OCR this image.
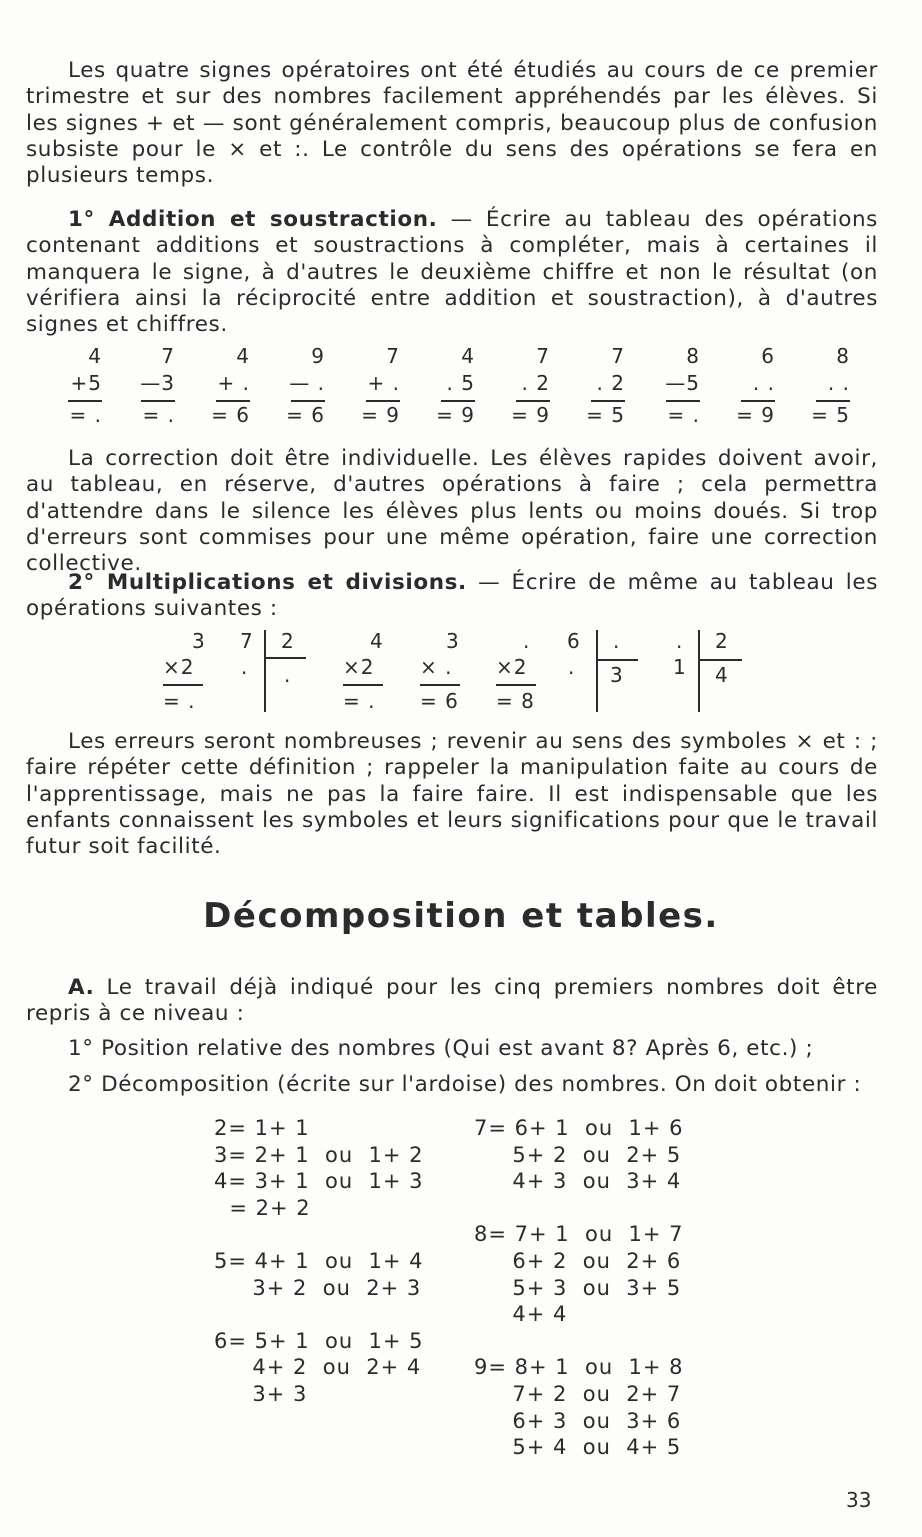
Les quatre signes opératoires ont été étudiés au cours de ce premier trimestre et sur des nombres facilement appréhendés par les élèves. Si les signes + et — sont généralement compris, beaucoup plus de confusion subsiste pour le × et :. Le contrôle du sens des opérations se fera en plusieurs temps.

1° Addition et soustraction. — Écrire au tableau des opérations contenant additions et soustractions à compléter, mais à certaines il manquera le signe, à d'autres le deuxième chiffre et non le résultat (on vérifiera ainsi la réciprocité entre addition et soustraction), à d'autres signes et chiffres.

4
+5
= .
7
—3
= .
4
+ .
= 6
9
— .
= 6
7
+ .
= 9
4
. 5
= 9
7
. 2
= 9
7
. 2
= 5
8
—5
= .
6
. .
= 9
8
. .
= 5

La correction doit être individuelle. Les élèves rapides doivent avoir, au tableau, en réserve, d'autres opérations à faire ; cela permettra d'attendre dans le silence les élèves plus lents ou moins doués. Si trop d'erreurs sont commises pour une même opération, faire une correction collective.

2° Multiplications et divisions. — Écrire de même au tableau les opérations suivantes :

3
×2
= .
7
.
2
.
4
×2
= .
3
× .
= 6
.
×2
= 8
6
.
.
3
.
1
2
4

Les erreurs seront nombreuses ; revenir au sens des symboles × et : ; faire répéter cette définition ; rappeler la manipulation faite au cours de l'apprentissage, mais ne pas la faire faire. Il est indispensable que les enfants connaissent les symboles et leurs significations pour que le travail futur soit facilité.

Décomposition et tables.

A. Le travail déjà indiqué pour les cinq premiers nombres doit être repris à ce niveau :

1° Position relative des nombres (Qui est avant 8? Après 6, etc.) ;

2° Décomposition (écrite sur l'ardoise) des nombres. On doit obtenir :

2= 1+ 1
3= 2+ 1  ou  1+ 2
4= 3+ 1  ou  1+ 3
= 2+ 2
5= 4+ 1  ou  1+ 4
3+ 2  ou  2+ 3
6= 5+ 1  ou  1+ 5
4+ 2  ou  2+ 4
3+ 3
7= 6+ 1  ou  1+ 6
5+ 2  ou  2+ 5
4+ 3  ou  3+ 4
8= 7+ 1  ou  1+ 7
6+ 2  ou  2+ 6
5+ 3  ou  3+ 5
4+ 4
9= 8+ 1  ou  1+ 8
7+ 2  ou  2+ 7
6+ 3  ou  3+ 6
5+ 4  ou  4+ 5
33
